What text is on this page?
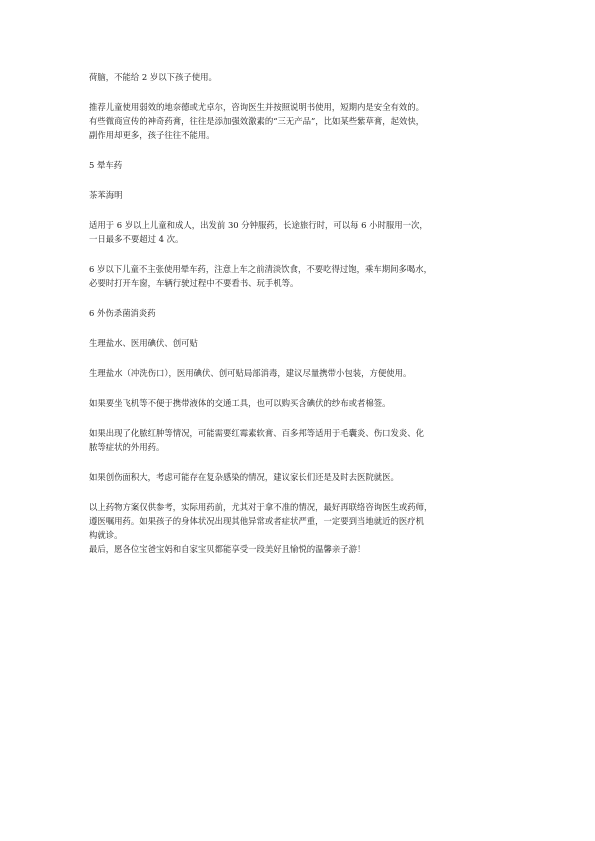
荷脑，不能给 2 岁以下孩子使用。

推荐儿童使用弱效的地奈德或尤卓尔，咨询医生并按照说明书使用，短期内是安全有效的。
有些微商宣传的神奇药膏，往往是添加强效激素的“三无产品”，比如某些紫草膏，起效快，
副作用却更多，孩子往往不能用。

5 晕车药

茶苯海明

适用于 6 岁以上儿童和成人，出发前 30 分钟服药，长途旅行时，可以每 6 小时服用一次，
一日最多不要超过 4 次。

6 岁以下儿童不主张使用晕车药，注意上车之前清淡饮食，不要吃得过饱，乘车期间多喝水，
必要时打开车窗，车辆行驶过程中不要看书、玩手机等。

6 外伤杀菌消炎药

生理盐水、医用碘伏、创可贴

生理盐水（冲洗伤口），医用碘伏、创可贴局部消毒，建议尽量携带小包装，方便使用。

如果要坐飞机等不便于携带液体的交通工具，也可以购买含碘伏的纱布或者棉签。

如果出现了化脓红肿等情况，可能需要红霉素软膏、百多邦等适用于毛囊炎、伤口发炎、化
脓等症状的外用药。

如果创伤面积大，考虑可能存在复杂感染的情况，建议家长们还是及时去医院就医。

以上药物方案仅供参考，实际用药前，尤其对于拿不准的情况，最好再联络咨询医生或药师，
遵医嘱用药。如果孩子的身体状况出现其他异常或者症状严重，一定要到当地就近的医疗机
构就诊。
最后，愿各位宝爸宝妈和自家宝贝都能享受一段美好且愉悦的温馨亲子游！
